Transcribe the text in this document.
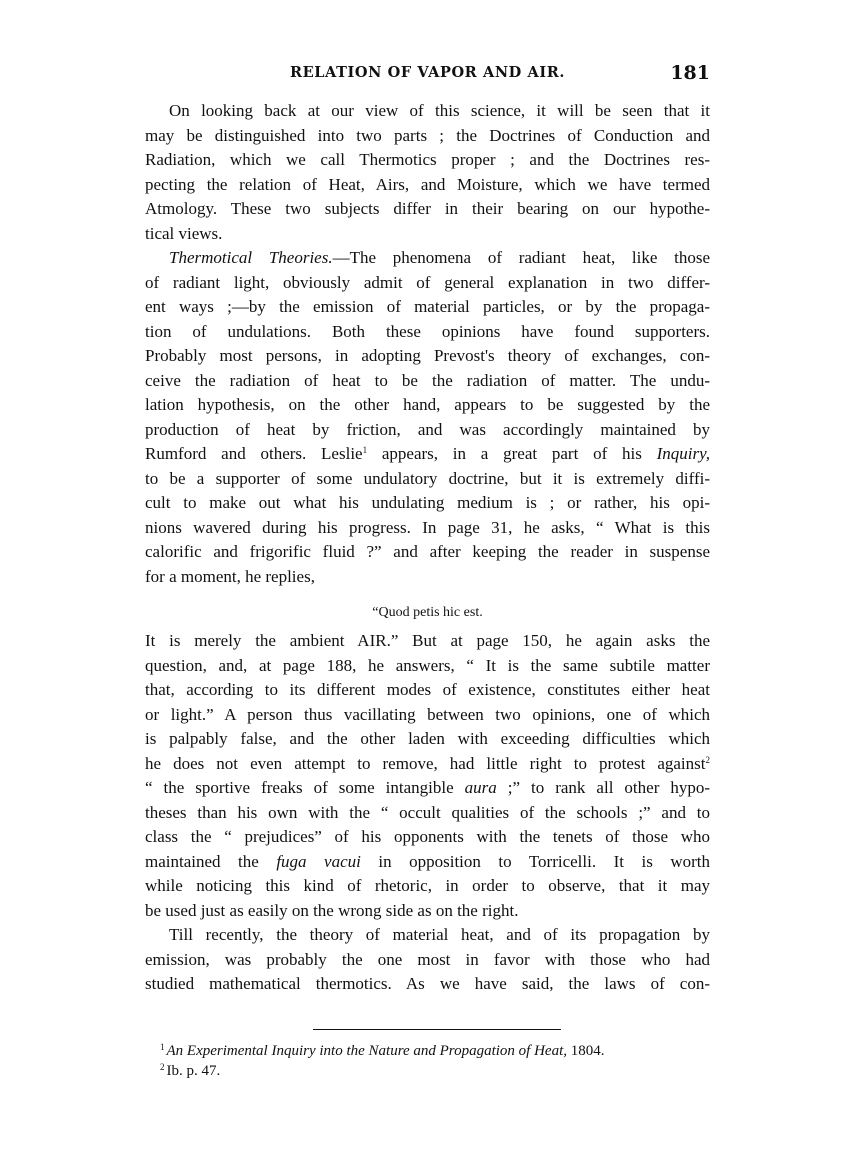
RELATION OF VAPOR AND AIR.	181
On looking back at our view of this science, it will be seen that it
may be distinguished into two parts ; the Doctrines of Conduction and
Radiation, which we call Thermotics proper ; and the Doctrines res-
pecting the relation of Heat, Airs, and Moisture, which we have termed
Atmology. These two subjects differ in their bearing on our hypothe-
tical views.
Thermotical Theories.—The phenomena of radiant heat, like those
of radiant light, obviously admit of general explanation in two differ-
ent ways ;—by the emission of material particles, or by the propaga-
tion of undulations. Both these opinions have found supporters.
Probably most persons, in adopting Prevost's theory of exchanges, con-
ceive the radiation of heat to be the radiation of matter. The undu-
lation hypothesis, on the other hand, appears to be suggested by the
production of heat by friction, and was accordingly maintained by
Rumford and others. Leslie$^1$ appears, in a great part of his Inquiry,
to be a supporter of some undulatory doctrine, but it is extremely diffi-
cult to make out what his undulating medium is ; or rather, his opi-
nions wavered during his progress. In page 31, he asks, “ What is this
calorific and frigorific fluid ?” and after keeping the reader in suspense
for a moment, he replies,
“Quod petis hic est.
It is merely the ambient AIR.” But at page 150, he again asks the
question, and, at page 188, he answers, “ It is the same subtile matter
that, according to its different modes of existence, constitutes either heat
or light.” A person thus vacillating between two opinions, one of which
is palpably false, and the other laden with exceeding difficulties which
he does not even attempt to remove, had little right to protest against$^2$
“ the sportive freaks of some intangible aura ;” to rank all other hypo-
theses than his own with the “ occult qualities of the schools ;” and to
class the “ prejudices” of his opponents with the tenets of those who
maintained the fuga vacui in opposition to Torricelli. It is worth
while noticing this kind of rhetoric, in order to observe, that it may
be used just as easily on the wrong side as on the right.
Till recently, the theory of material heat, and of its propagation by
emission, was probably the one most in favor with those who had
studied mathematical thermotics. As we have said, the laws of con-
$^1$ An Experimental Inquiry into the Nature and Propagation of Heat, 1804.
$^2$ Ib. p. 47.
